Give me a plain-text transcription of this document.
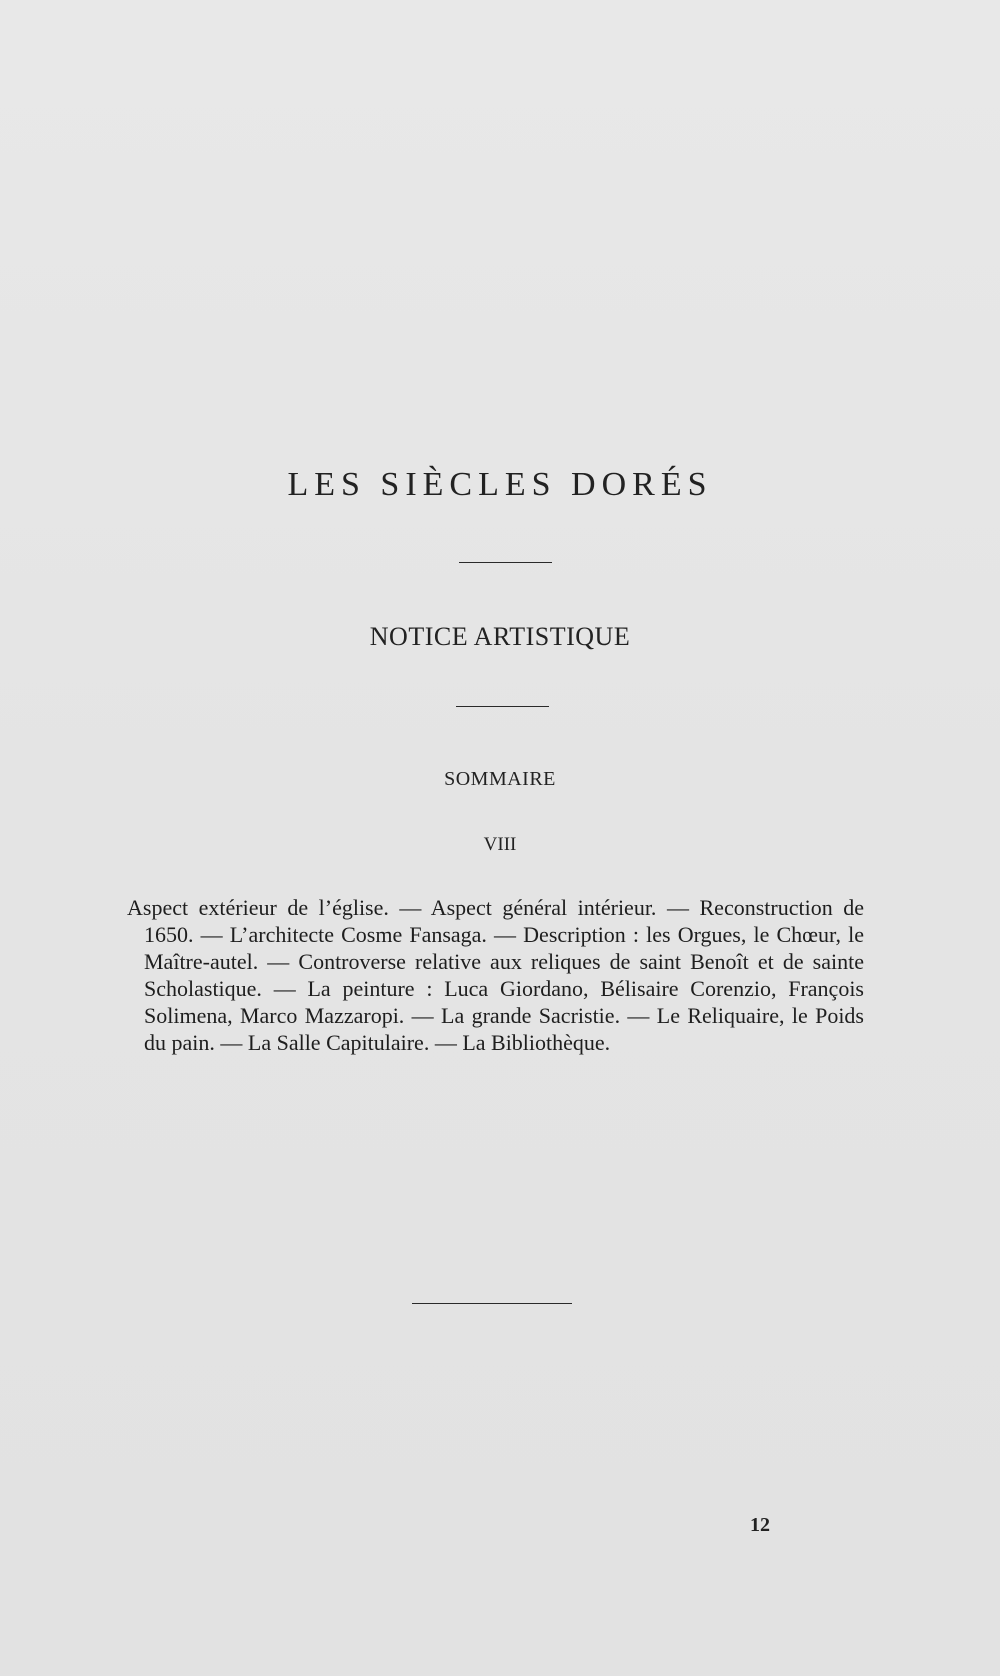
LES SIÈCLES DORÉS
NOTICE ARTISTIQUE
SOMMAIRE
VIII

Aspect extérieur de l’église. — Aspect général intérieur. — Reconstruction de 1650. — L’architecte Cosme Fansaga. — Description : les Orgues, le Chœur, le Maître-autel. — Controverse relative aux reliques de saint Benoît et de sainte Scholastique. — La peinture : Luca Giordano, Bélisaire Corenzio, François Solimena, Marco Mazzaropi. — La grande Sacristie. — Le Reliquaire, le Poids du pain. — La Salle Capitulaire. — La Bibliothèque.

12
